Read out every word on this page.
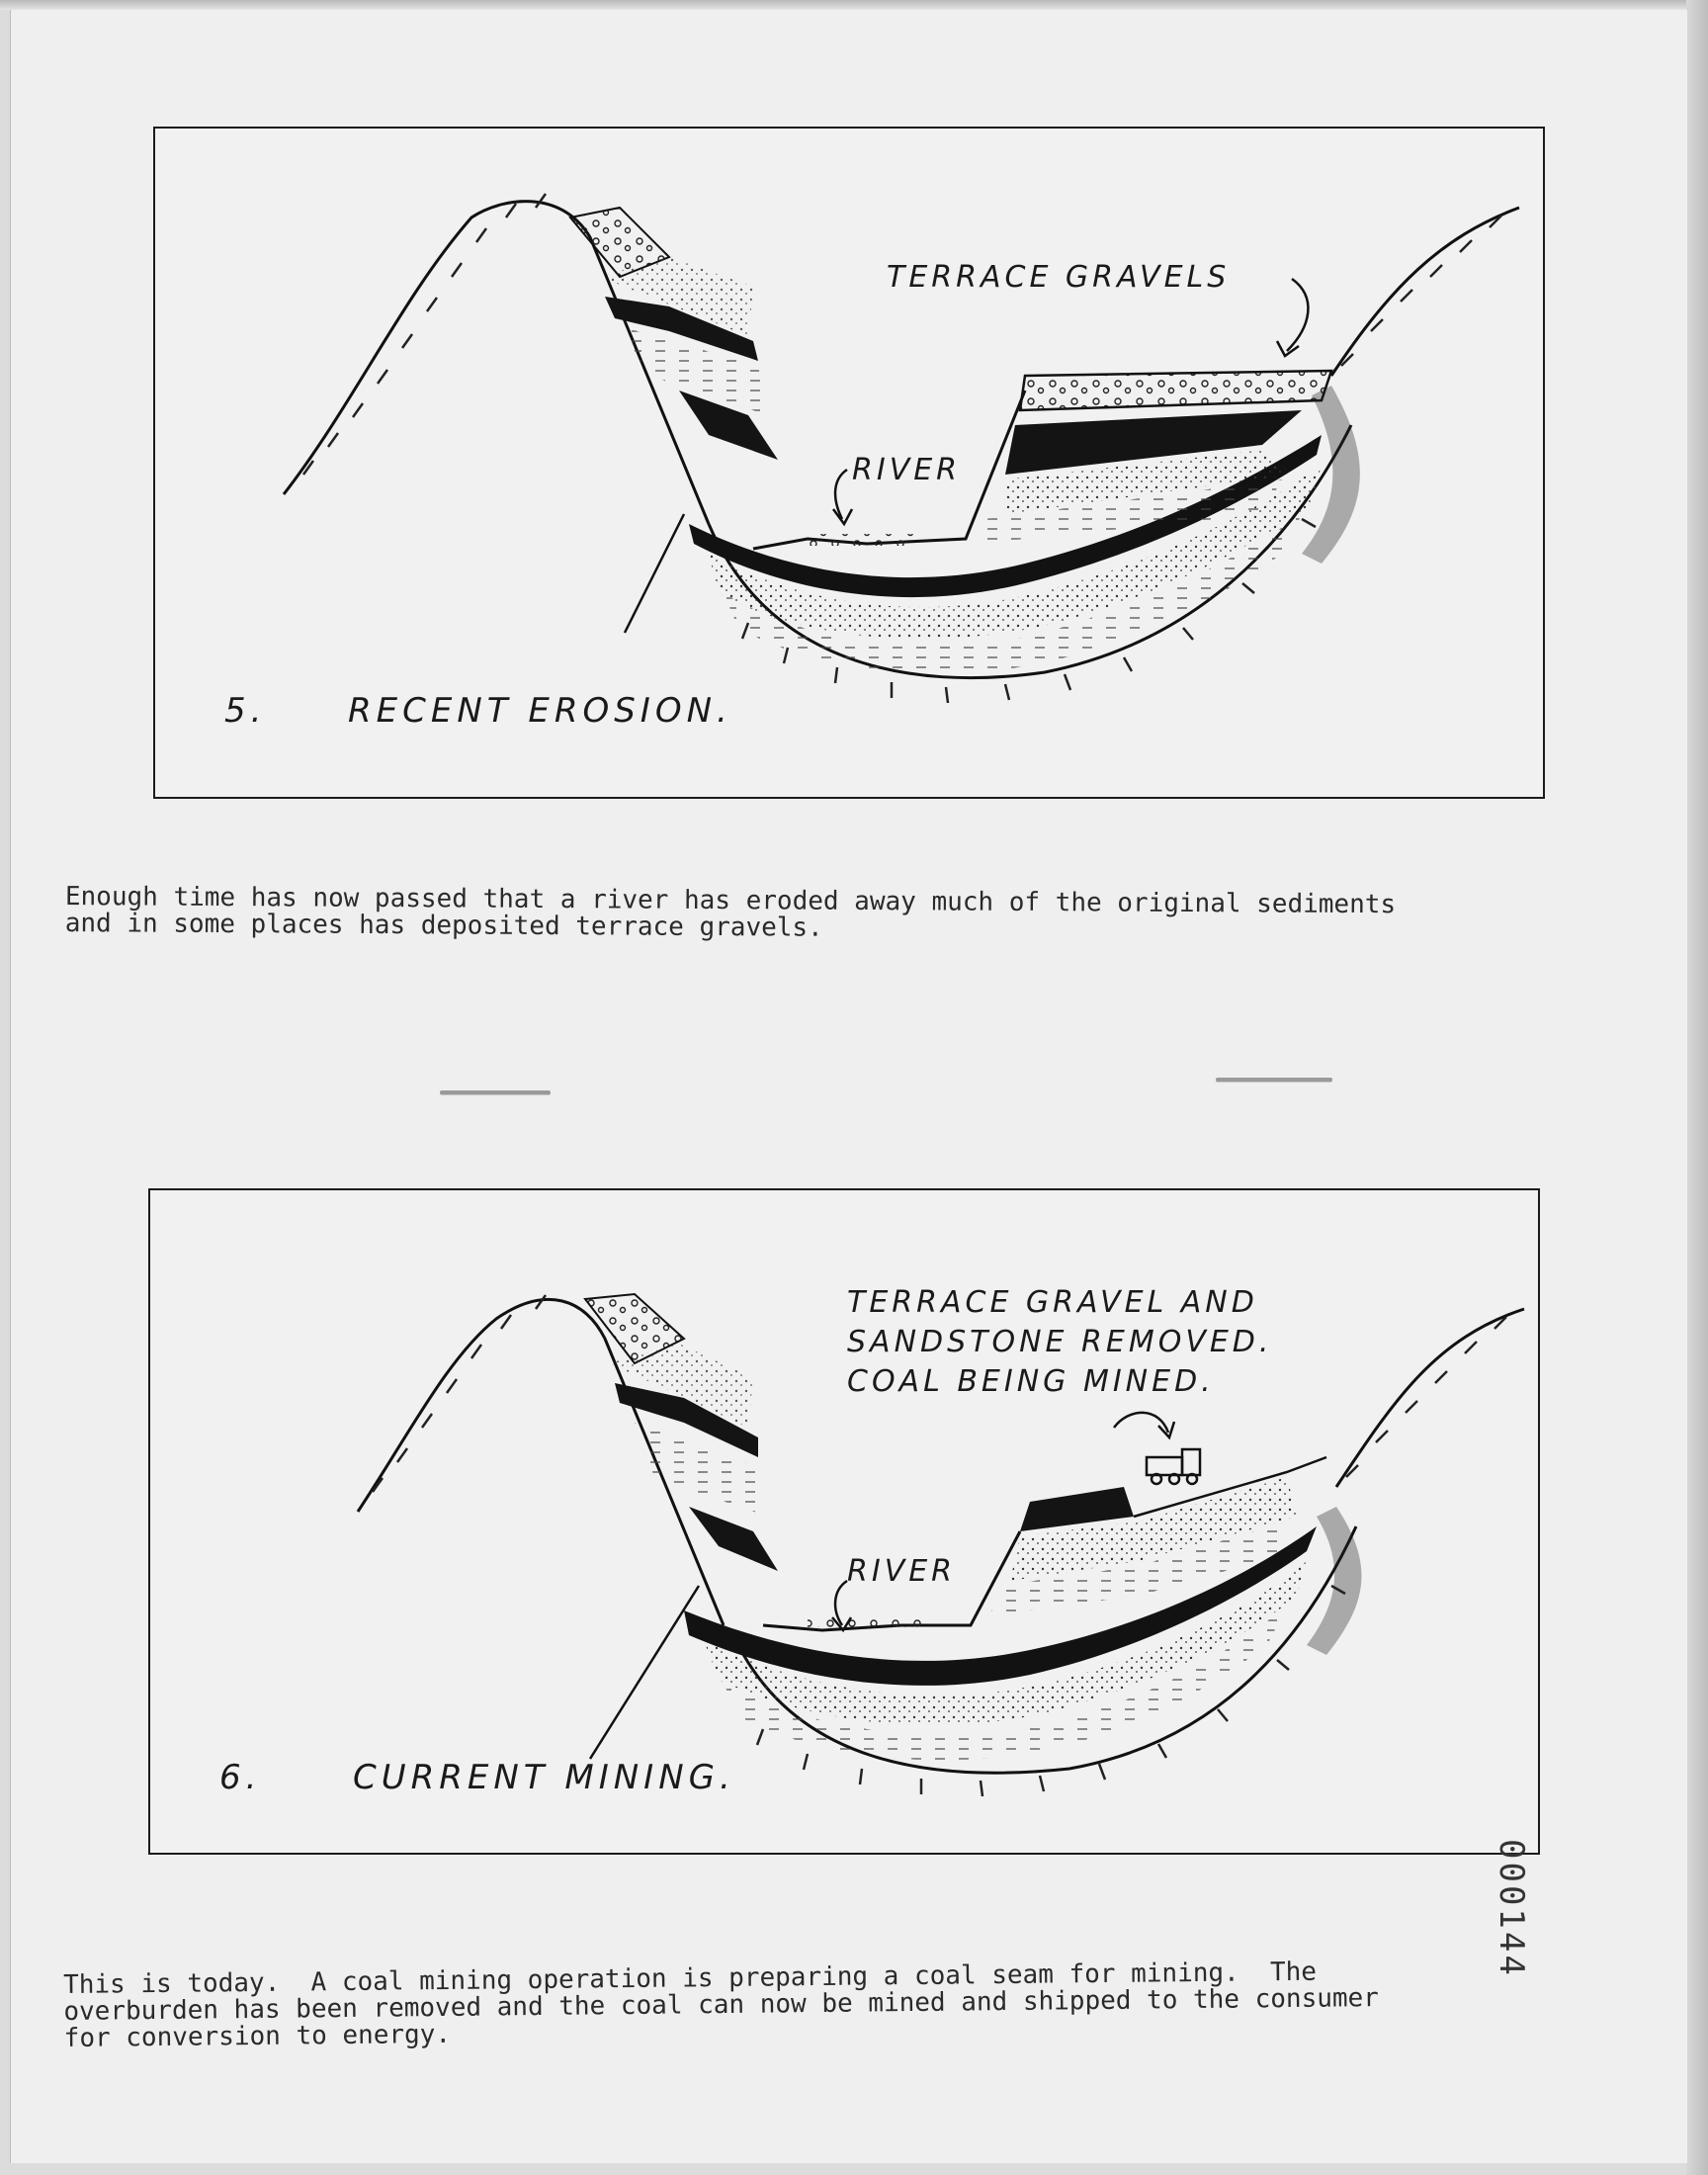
TERRACE GRAVELS
RIVER
5. RECENT EROSION.

Enough time has now passed that a river has eroded away much of the original sediments
and in some places has deposited terrace gravels.

TERRACE GRAVEL AND
SANDSTONE REMOVED.
COAL BEING MINED.
RIVER
6.	CURRENT MINING.
000144

This is today.  A coal mining operation is preparing a coal seam for mining.  The
overburden has been removed and the coal can now be mined and shipped to the consumer
for conversion to energy.
